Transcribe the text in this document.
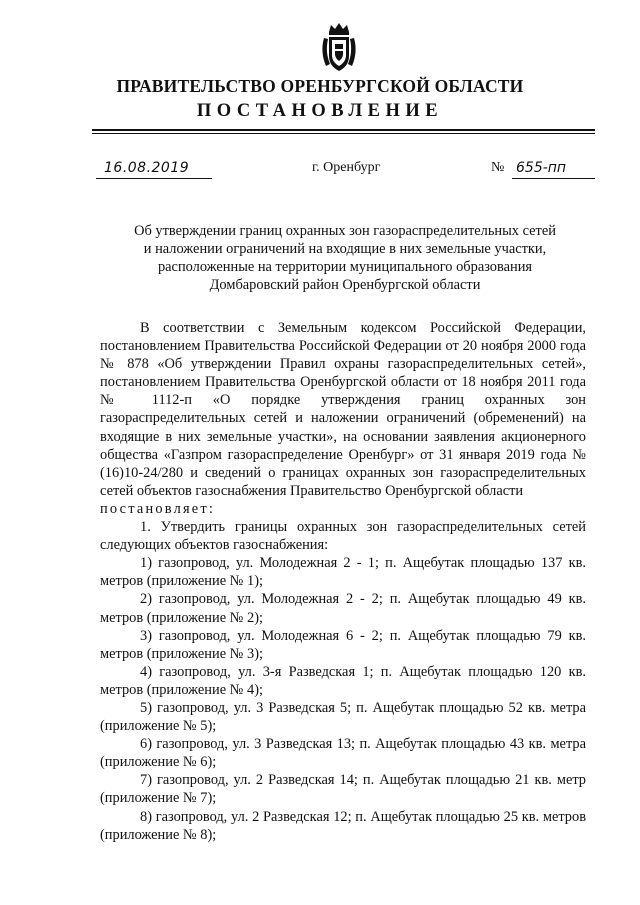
ПРАВИТЕЛЬСТВО ОРЕНБУРГСКОЙ ОБЛАСТИ
ПОСТАНОВЛЕНИЕ
16.08.2019	г. Оренбург	№ 655-пп
Об утверждении границ охранных зон газораспределительных сетей
и наложении ограничений на входящие в них земельные участки,
расположенные на территории муниципального образования
Домбаровский район Оренбургской области

В соответствии с Земельным кодексом Российской Федерации, постановлением Правительства Российской Федерации от 20 ноября 2000 года № 878 «Об утверждении Правил охраны газораспределительных сетей», постановлением Правительства Оренбургской области от 18 ноября 2011 года № 1112-п «О порядке утверждения границ охранных зон газораспределительных сетей и наложении ограничений (обременений) на входящие в них земельные участки», на основании заявления акционерного общества «Газпром газораспределение Оренбург» от 31 января 2019 года № (16)10-24/280 и сведений о границах охранных зон газораспределительных сетей объектов газоснабжения Правительство Оренбургской области

постановляет:

1. Утвердить границы охранных зон газораспределительных сетей следующих объектов газоснабжения:

1) газопровод, ул. Молодежная 2 - 1; п. Ащебутак площадью 137 кв. метров (приложение № 1);

2) газопровод, ул. Молодежная 2 - 2; п. Ащебутак площадью 49 кв. метров (приложение № 2);

3) газопровод, ул. Молодежная 6 - 2; п. Ащебутак площадью 79 кв. метров (приложение № 3);

4) газопровод, ул. 3-я Разведская 1; п. Ащебутак площадью 120 кв. метров (приложение № 4);

5) газопровод, ул. 3 Разведская 5; п. Ащебутак площадью 52 кв. метра (приложение № 5);

6) газопровод, ул. 3 Разведская 13; п. Ащебутак площадью 43 кв. метра (приложение № 6);

7) газопровод, ул. 2 Разведская 14; п. Ащебутак площадью 21 кв. метр (приложение № 7);

8) газопровод, ул. 2 Разведская 12; п. Ащебутак площадью 25 кв. метров (приложение № 8);
